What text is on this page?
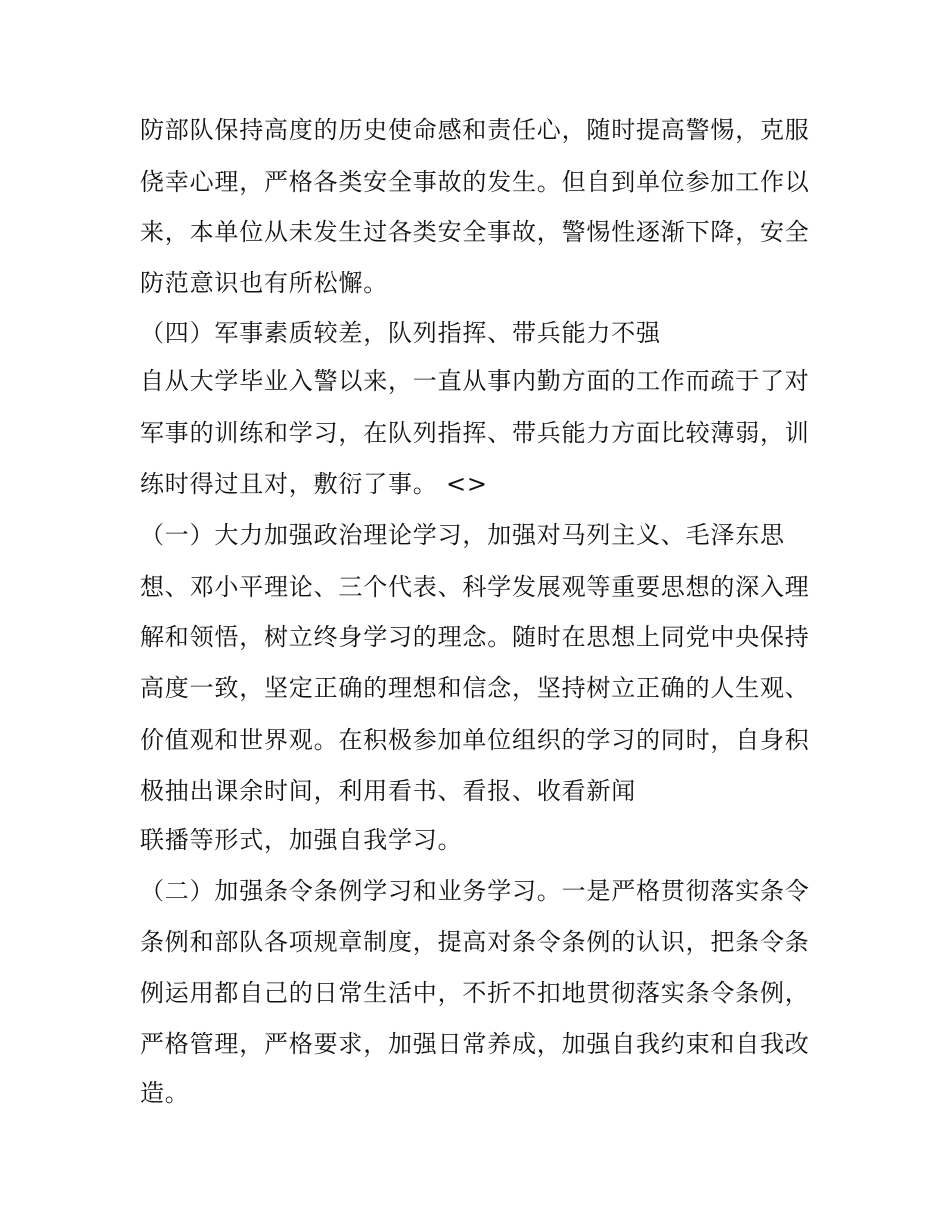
防部队保持高度的历史使命感和责任心，随时提高警惕，克服
侥幸心理，严格各类安全事故的发生。但自到单位参加工作以
来，本单位从未发生过各类安全事故，警惕性逐渐下降，安全
防范意识也有所松懈。
（四）军事素质较差，队列指挥、带兵能力不强
自从大学毕业入警以来，一直从事内勤方面的工作而疏于了对
军事的训练和学习，在队列指挥、带兵能力方面比较薄弱，训
练时得过且对，敷衍了事。 <>
（一）大力加强政治理论学习，加强对马列主义、毛泽东思
想、邓小平理论、三个代表、科学发展观等重要思想的深入理
解和领悟，树立终身学习的理念。随时在思想上同党中央保持
高度一致，坚定正确的理想和信念，坚持树立正确的人生观、
价值观和世界观。在积极参加单位组织的学习的同时，自身积
极抽出课余时间，利用看书、看报、收看新闻
联播等形式，加强自我学习。
（二）加强条令条例学习和业务学习。一是严格贯彻落实条令
条例和部队各项规章制度，提高对条令条例的认识，把条令条
例运用都自己的日常生活中，不折不扣地贯彻落实条令条例，
严格管理，严格要求，加强日常养成，加强自我约束和自我改
造。
